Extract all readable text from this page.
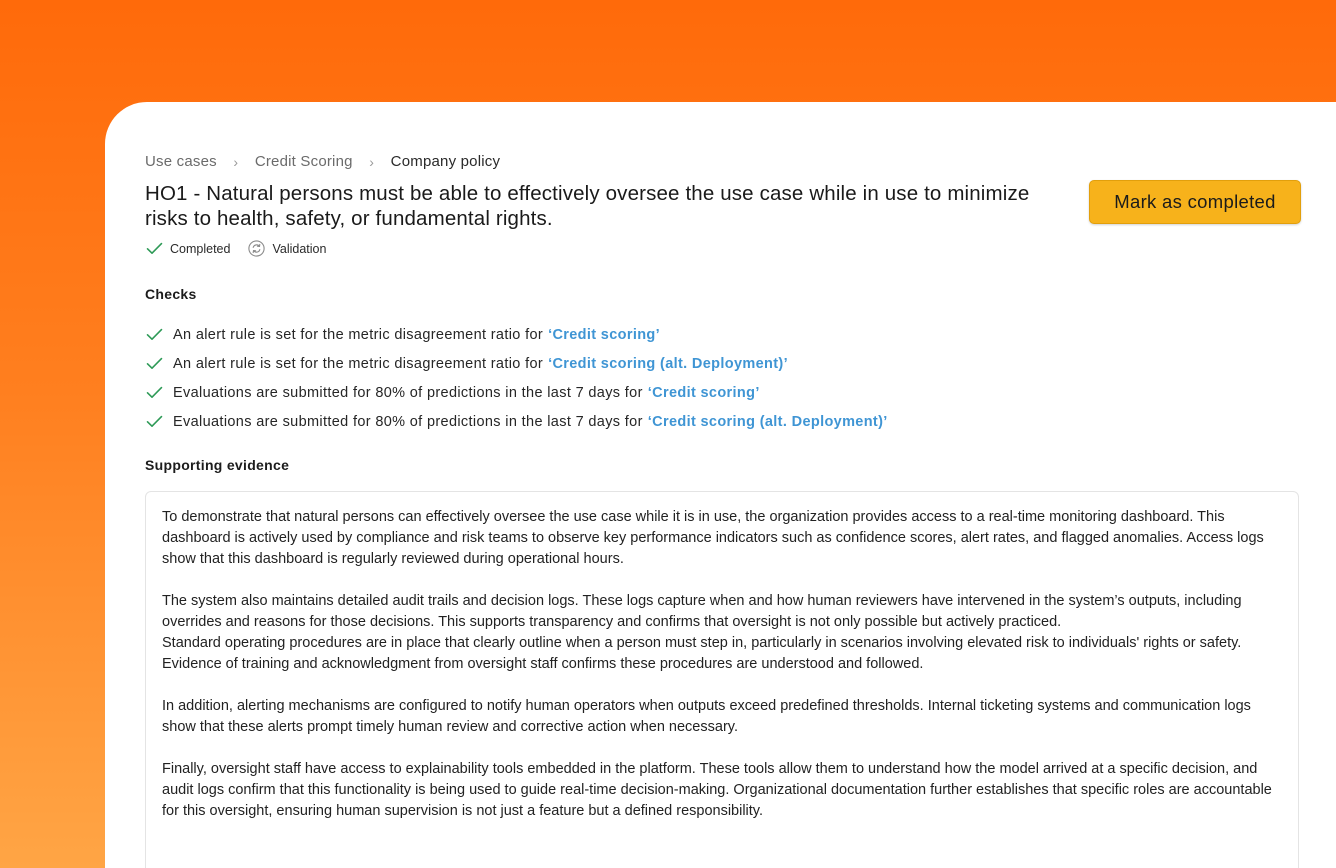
Use cases	›	Credit Scoring	›	Company policy
HO1 - Natural persons must be able to effectively oversee the use case while in use to minimize risks to health, safety, or fundamental rights.
Mark as completed
Completed	Validation
Checks
An alert rule is set for the metric disagreement ratio for ‘Credit scoring’
An alert rule is set for the metric disagreement ratio for ‘Credit scoring (alt. Deployment)’
Evaluations are submitted for 80% of predictions in the last 7 days for ‘Credit scoring’
Evaluations are submitted for 80% of predictions in the last 7 days for ‘Credit scoring (alt. Deployment)’
Supporting evidence

To demonstrate that natural persons can effectively oversee the use case while it is in use, the organization provides access to a real-time monitoring dashboard. This dashboard is actively used by compliance and risk teams to observe key performance indicators such as confidence scores, alert rates, and flagged anomalies. Access logs show that this dashboard is regularly reviewed during operational hours.

The system also maintains detailed audit trails and decision logs. These logs capture when and how human reviewers have intervened in the system’s outputs, including overrides and reasons for those decisions. This supports transparency and confirms that oversight is not only possible but actively practiced.
Standard operating procedures are in place that clearly outline when a person must step in, particularly in scenarios involving elevated risk to individuals' rights or safety. Evidence of training and acknowledgment from oversight staff confirms these procedures are understood and followed.

In addition, alerting mechanisms are configured to notify human operators when outputs exceed predefined thresholds. Internal ticketing systems and communication logs show that these alerts prompt timely human review and corrective action when necessary.

Finally, oversight staff have access to explainability tools embedded in the platform. These tools allow them to understand how the model arrived at a specific decision, and audit logs confirm that this functionality is being used to guide real-time decision-making. Organizational documentation further establishes that specific roles are accountable for this oversight, ensuring human supervision is not just a feature but a defined responsibility.
